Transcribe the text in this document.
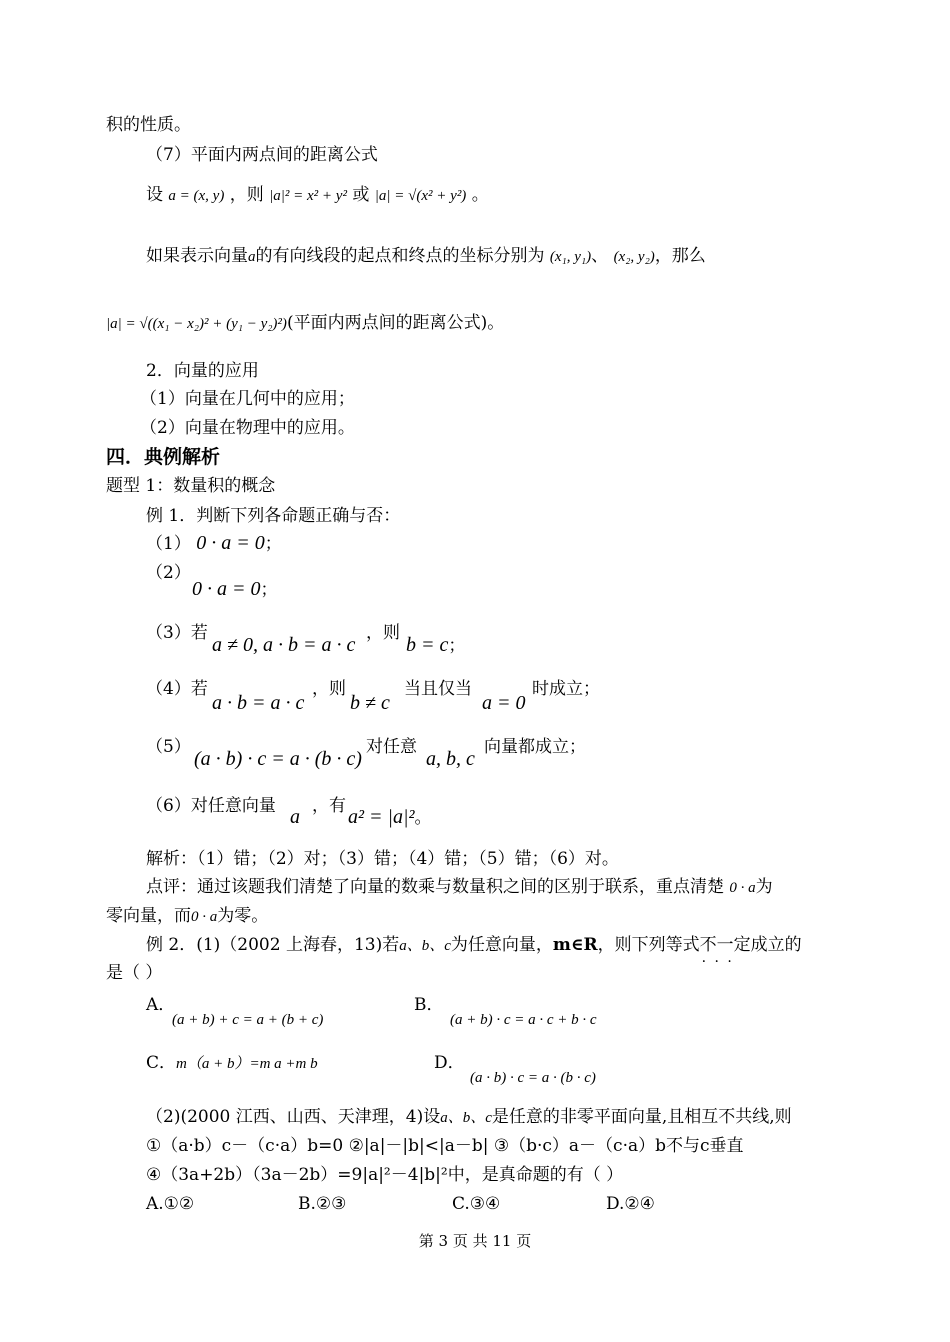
积的性质。
（7）平面内两点间的距离公式
设 a = (x, y) ，则 |a|² = x² + y² 或 |a| = √(x² + y²) 。
如果表示向量a的有向线段的起点和终点的坐标分别为 (x₁, y₁)、 (x₂, y₂)，那么
|a| = √((x₁ − x₂)² + (y₁ − y₂)²)(平面内两点间的距离公式)。
2．向量的应用
（1）向量在几何中的应用；
（2）向量在物理中的应用。
四．典例解析
题型 1：数量积的概念
例 1．判断下列各命题正确与否：
（1） 0 · a = 0；
（2）
0 · a = 0；
（3）若
a ≠ 0, a · b = a · c
，则
b = c；
（4）若
a · b = a · c
，则
b ≠ c
当且仅当
a = 0
时成立；
（5）
(a · b) · c = a · (b · c)
对任意
a, b, c
向量都成立；
（6）对任意向量 a ，有 a² = |a|²。
解析：（1）错；（2）对；（3）错；（4）错；（5）错；（6）对。
点评：通过该题我们清楚了向量的数乘与数量积之间的区别于联系，重点清楚 0 · a为
零向量，而0 · a为零。
例 2．(1)（2002 上海春，13)若a、b、c为任意向量，m∈R，则下列等式不一定 · · ·成立的
是（ ）
A．
(a + b) + c = a + (b + c)
B．
(a + b) · c = a · c + b · c
C．m（a + b）=m a +m b	D．
(a · b) · c = a · (b · c)
（2)(2000 江西、山西、天津理，4)设a、b、c是任意的非零平面向量,且相互不共线,则
①（a·b）c－（c·a）b=0 ②|a|－|b|<|a－b| ③（b·c）a－（c·a）b不与c垂直
④（3a+2b）（3a－2b）=9|a|²－4|b|²中，是真命题的有（ ）
A.①②	B.②③	C.③④	D.②④
第 3 页 共 11 页
